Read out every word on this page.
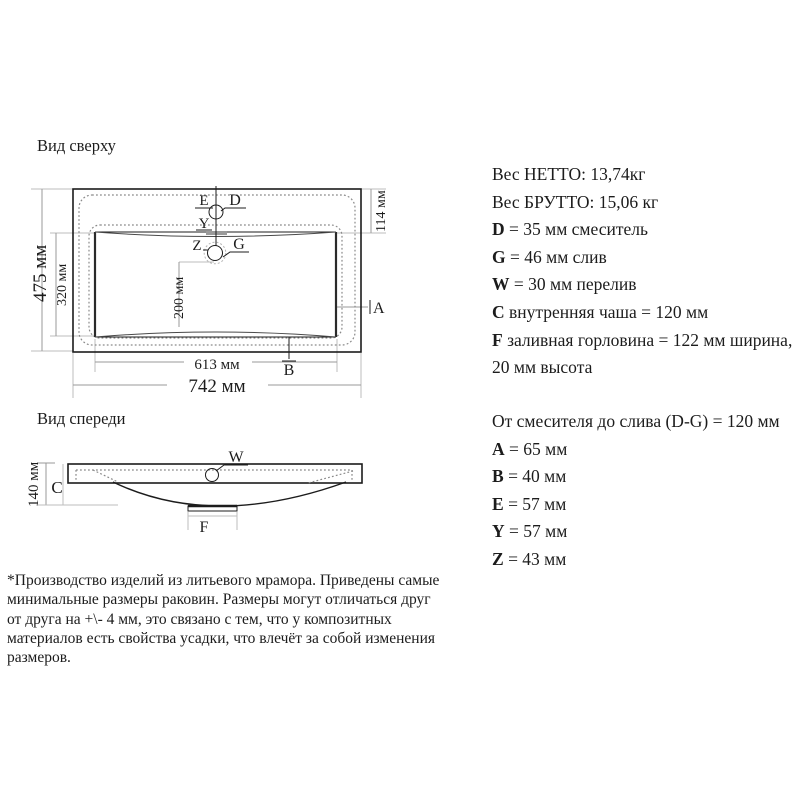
Вид сверху
E D
Y
Z G
A
B
475 мм 320 мм	200 мм
114 мм
613 мм
742 мм
Вид спереди
W
C
F
140 мм
Вес НЕТТО: 13,74кг
Вес БРУТТО: 15,06 кг
D = 35 мм смеситель
G = 46 мм слив
W = 30 мм перелив
C внутренняя чаша = 120 мм
F заливная горловина = 122 мм ширина,
20 мм высота
От смесителя до слива (D-G) = 120 мм
A = 65 мм
B = 40 мм
E = 57 мм
Y = 57 мм
Z = 43 мм
*Производство изделий из литьевого мрамора. Приведены самые
минимальные размеры раковин. Размеры могут отличаться друг
от друга на +\- 4 мм, это связано с тем, что у композитных
материалов есть свойства усадки, что влечёт за собой изменения
размеров.
